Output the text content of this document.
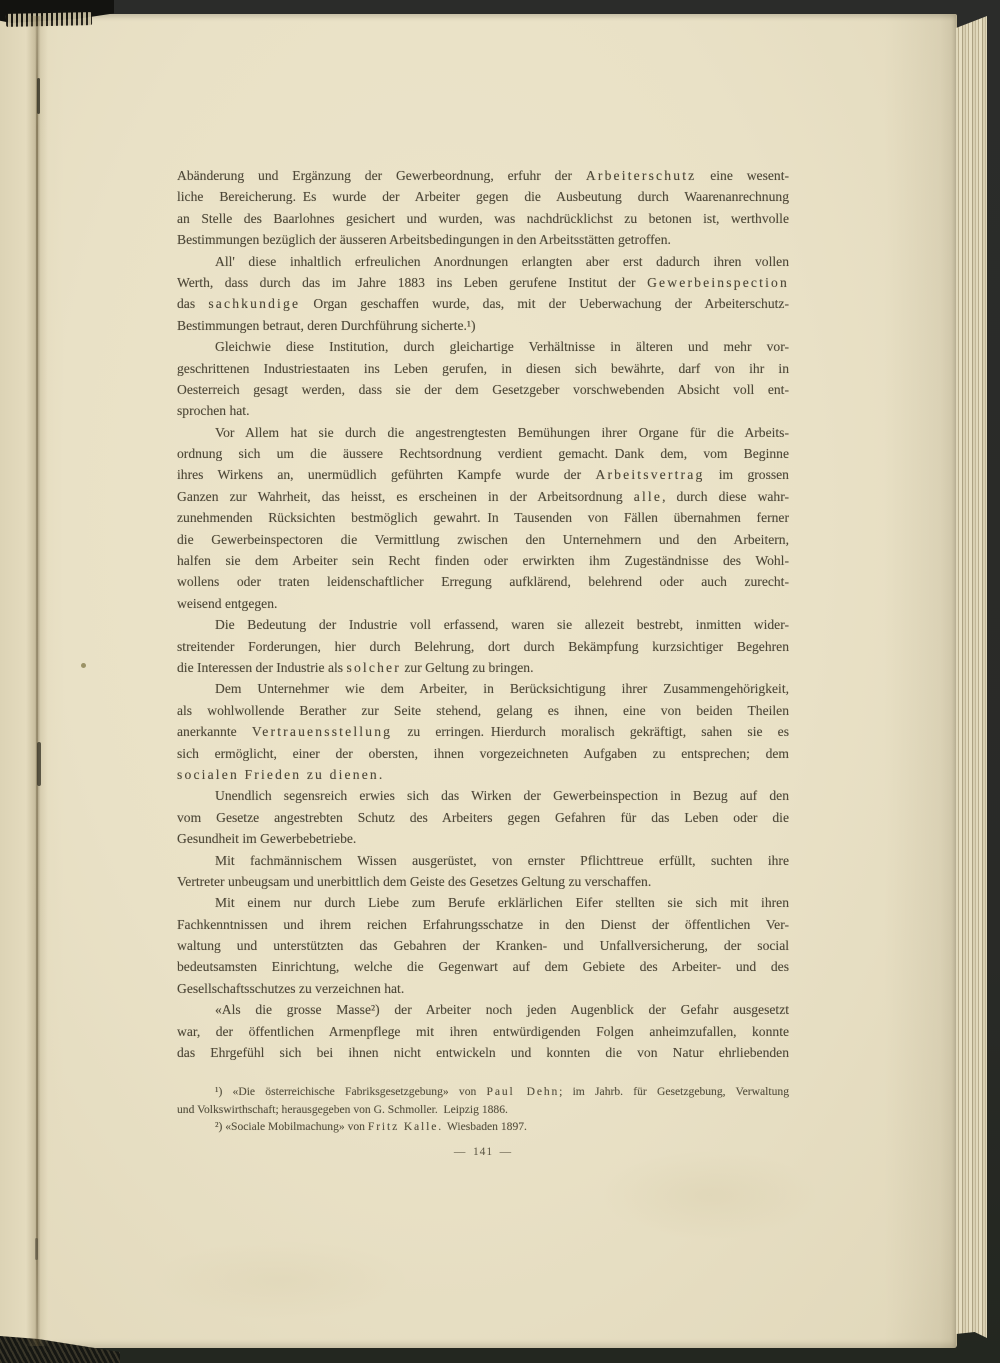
Abänderung und Ergänzung der Gewerbeordnung, erfuhr der Arbeiterschutz eine wesent-
liche Bereicherung. Es wurde der Arbeiter gegen die Ausbeutung durch Waarenanrechnung
an Stelle des Baarlohnes gesichert und wurden, was nachdrücklichst zu betonen ist, werthvolle
Bestimmungen bezüglich der äusseren Arbeitsbedingungen in den Arbeitsstätten getroffen.
All' diese inhaltlich erfreulichen Anordnungen erlangten aber erst dadurch ihren vollen
Werth, dass durch das im Jahre 1883 ins Leben gerufene Institut der Gewerbeinspection
das sachkundige Organ geschaffen wurde, das, mit der Ueberwachung der Arbeiterschutz-
Bestimmungen betraut, deren Durchführung sicherte.¹)
Gleichwie diese Institution, durch gleichartige Verhältnisse in älteren und mehr vor-
geschrittenen Industriestaaten ins Leben gerufen, in diesen sich bewährte, darf von ihr in
Oesterreich gesagt werden, dass sie der dem Gesetzgeber vorschwebenden Absicht voll ent-
sprochen hat.
Vor Allem hat sie durch die angestrengtesten Bemühungen ihrer Organe für die Arbeits-
ordnung sich um die äussere Rechtsordnung verdient gemacht. Dank dem, vom Beginne
ihres Wirkens an, unermüdlich geführten Kampfe wurde der Arbeitsvertrag im grossen
Ganzen zur Wahrheit, das heisst, es erscheinen in der Arbeitsordnung alle, durch diese wahr-
zunehmenden Rücksichten bestmöglich gewahrt. In Tausenden von Fällen übernahmen ferner
die Gewerbeinspectoren die Vermittlung zwischen den Unternehmern und den Arbeitern,
halfen sie dem Arbeiter sein Recht finden oder erwirkten ihm Zugeständnisse des Wohl-
wollens oder traten leidenschaftlicher Erregung aufklärend, belehrend oder auch zurecht-
weisend entgegen.
Die Bedeutung der Industrie voll erfassend, waren sie allezeit bestrebt, inmitten wider-
streitender Forderungen, hier durch Belehrung, dort durch Bekämpfung kurzsichtiger Begehren
die Interessen der Industrie als solcher zur Geltung zu bringen.
Dem Unternehmer wie dem Arbeiter, in Berücksichtigung ihrer Zusammengehörigkeit,
als wohlwollende Berather zur Seite stehend, gelang es ihnen, eine von beiden Theilen
anerkannte Vertrauensstellung zu erringen. Hierdurch moralisch gekräftigt, sahen sie es
sich ermöglicht, einer der obersten, ihnen vorgezeichneten Aufgaben zu entsprechen; dem
socialen Frieden zu dienen.
Unendlich segensreich erwies sich das Wirken der Gewerbeinspection in Bezug auf den
vom Gesetze angestrebten Schutz des Arbeiters gegen Gefahren für das Leben oder die
Gesundheit im Gewerbebetriebe.
Mit fachmännischem Wissen ausgerüstet, von ernster Pflichttreue erfüllt, suchten ihre
Vertreter unbeugsam und unerbittlich dem Geiste des Gesetzes Geltung zu verschaffen.
Mit einem nur durch Liebe zum Berufe erklärlichen Eifer stellten sie sich mit ihren
Fachkenntnissen und ihrem reichen Erfahrungsschatze in den Dienst der öffentlichen Ver-
waltung und unterstützten das Gebahren der Kranken- und Unfallversicherung, der social
bedeutsamsten Einrichtung, welche die Gegenwart auf dem Gebiete des Arbeiter- und des
Gesellschaftsschutzes zu verzeichnen hat.
«Als die grosse Masse²) der Arbeiter noch jeden Augenblick der Gefahr ausgesetzt
war, der öffentlichen Armenpflege mit ihren entwürdigenden Folgen anheimzufallen, konnte
das Ehrgefühl sich bei ihnen nicht entwickeln und konnten die von Natur ehrliebenden
¹) «Die österreichische Fabriksgesetzgebung» von Paul Dehn; im Jahrb. für Gesetzgebung, Verwaltung
und Volkswirthschaft; herausgegeben von G. Schmoller. Leipzig 1886.
²) «Sociale Mobilmachung» von Fritz Kalle. Wiesbaden 1897.
— 141 —
